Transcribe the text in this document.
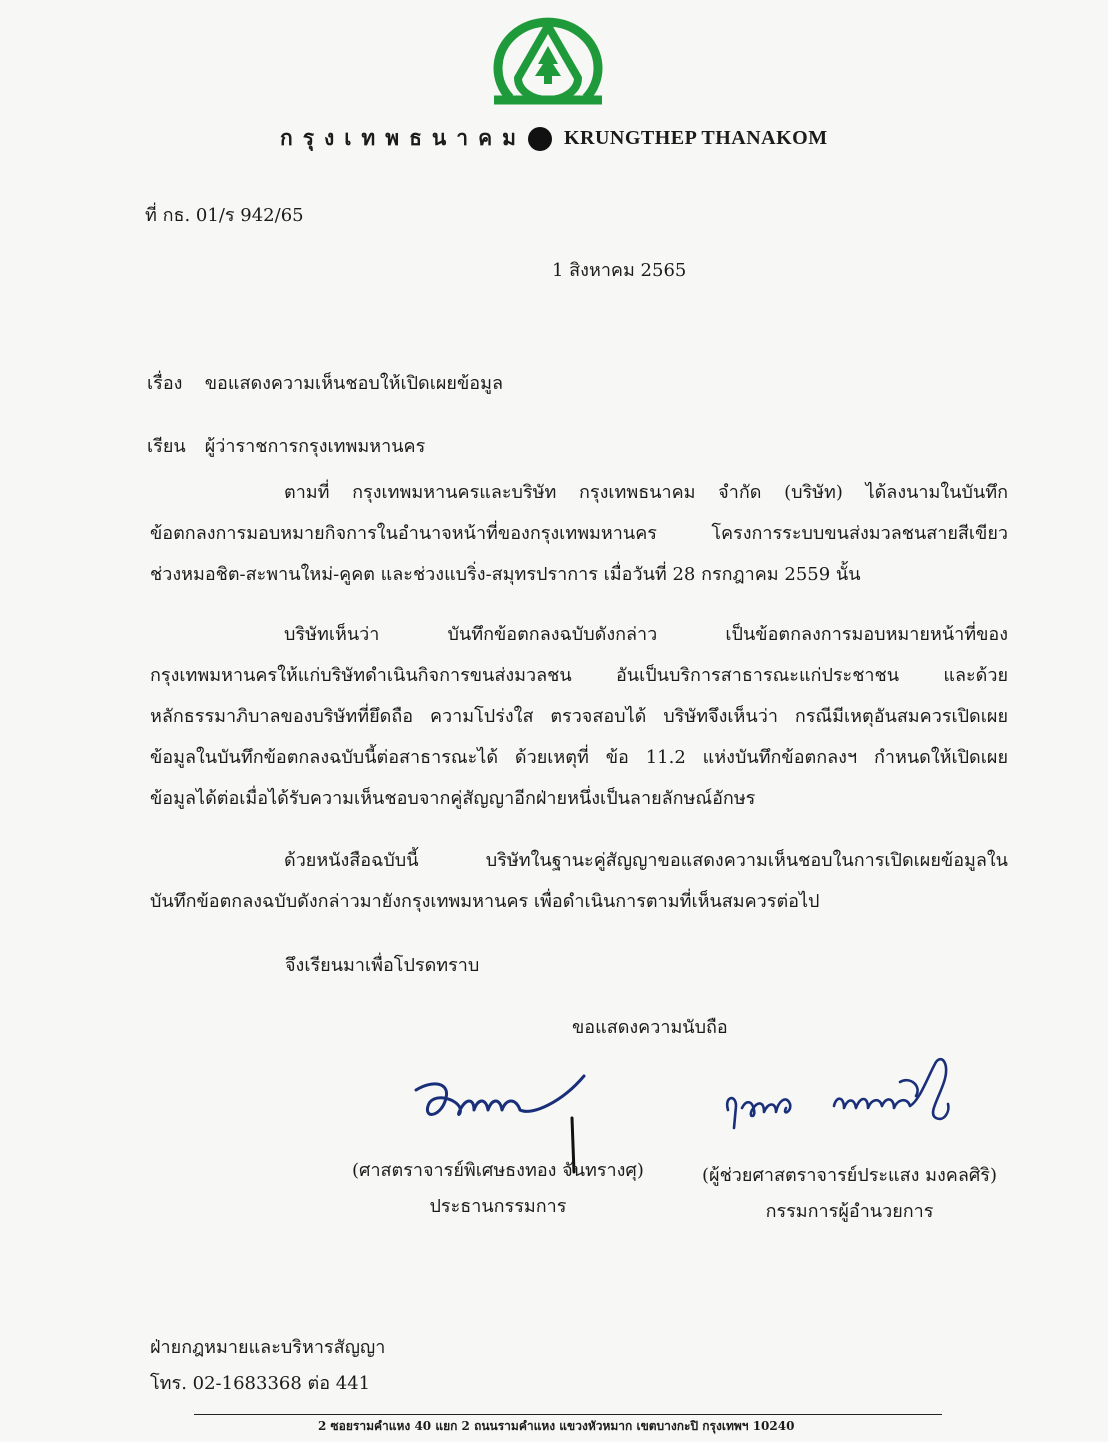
กรุงเทพธนาคม KRUNGTHEP THANAKOM
ที่ กธ. 01/ร 942/65
1 สิงหาคม 2565
เรื่อง ขอแสดงความเห็นชอบให้เปิดเผยข้อมูล
เรียน ผู้ว่าราชการกรุงเทพมหานคร

ตามที่ กรุงเทพมหานครและบริษัท กรุงเทพธนาคม จำกัด (บริษัท) ได้ลงนามในบันทึก
ข้อตกลงการมอบหมายกิจการในอำนาจหน้าที่ของกรุงเทพมหานคร โครงการระบบขนส่งมวลชนสายสีเขียว
ช่วงหมอชิต-สะพานใหม่-คูคต และช่วงแบริ่ง-สมุทรปราการ เมื่อวันที่ 28 กรกฎาคม 2559 นั้น

บริษัทเห็นว่า บันทึกข้อตกลงฉบับดังกล่าว เป็นข้อตกลงการมอบหมายหน้าที่ของ
กรุงเทพมหานครให้แก่บริษัทดำเนินกิจการขนส่งมวลชน อันเป็นบริการสาธารณะแก่ประชาชน และด้วย
หลักธรรมาภิบาลของบริษัทที่ยึดถือ ความโปร่งใส ตรวจสอบได้ บริษัทจึงเห็นว่า กรณีมีเหตุอันสมควรเปิดเผย
ข้อมูลในบันทึกข้อตกลงฉบับนี้ต่อสาธารณะได้ ด้วยเหตุที่ ข้อ 11.2 แห่งบันทึกข้อตกลงฯ กำหนดให้เปิดเผย
ข้อมูลได้ต่อเมื่อได้รับความเห็นชอบจากคู่สัญญาอีกฝ่ายหนึ่งเป็นลายลักษณ์อักษร

ด้วยหนังสือฉบับนี้ บริษัทในฐานะคู่สัญญาขอแสดงความเห็นชอบในการเปิดเผยข้อมูลใน
บันทึกข้อตกลงฉบับดังกล่าวมายังกรุงเทพมหานคร เพื่อดำเนินการตามที่เห็นสมควรต่อไป

จึงเรียนมาเพื่อโปรดทราบ
ขอแสดงความนับถือ
(ศาสตราจารย์พิเศษธงทอง จันทรางศุ)
ประธานกรรมการ
(ผู้ช่วยศาสตราจารย์ประแสง มงคลศิริ)
กรรมการผู้อำนวยการ
ฝ่ายกฎหมายและบริหารสัญญา
โทร. 02-1683368 ต่อ 441
2 ซอยรามคำแหง 40 แยก 2 ถนนรามคำแหง แขวงหัวหมาก เขตบางกะปิ กรุงเทพฯ 10240
